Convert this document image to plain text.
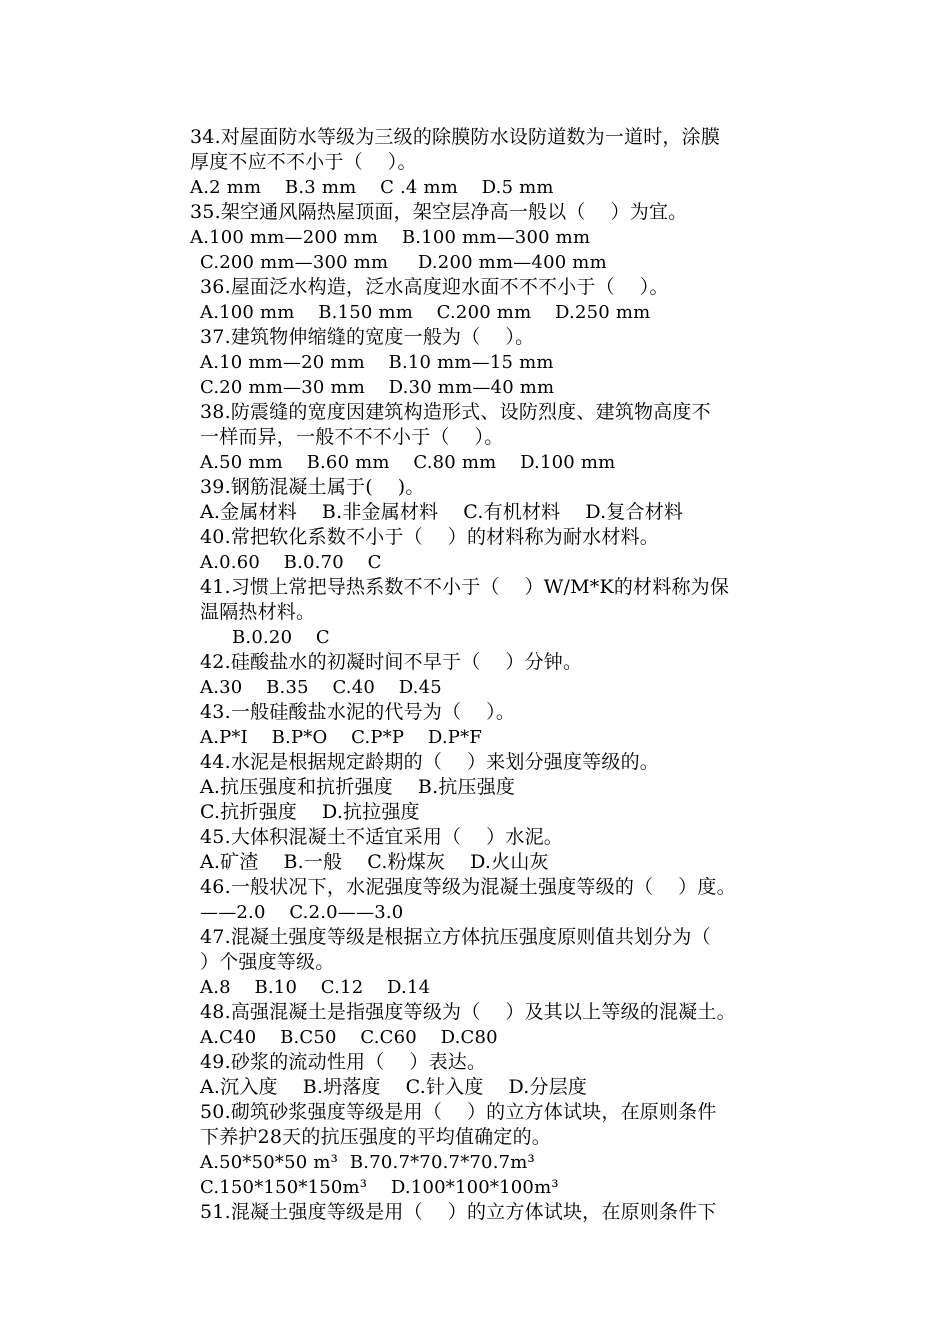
34.对屋面防水等级为三级的除膜防水设防道数为一道时，涂膜
厚度不应不不小于（    ）。
A.2 mm    B.3 mm    C .4 mm    D.5 mm
35.架空通风隔热屋顶面，架空层净高一般以（    ）为宜。
A.100 mm—200 mm    B.100 mm—300 mm
C.200 mm—300 mm     D.200 mm—400 mm
36.屋面泛水构造，泛水高度迎水面不不不小于（    ）。
A.100 mm    B.150 mm    C.200 mm    D.250 mm
37.建筑物伸缩缝的宽度一般为（    ）。
A.10 mm—20 mm    B.10 mm—15 mm
C.20 mm—30 mm    D.30 mm—40 mm
38.防震缝的宽度因建筑构造形式、设防烈度、建筑物高度不
一样而异，一般不不不小于（    ）。
A.50 mm    B.60 mm    C.80 mm    D.100 mm
39.钢筋混凝土属于(    )。
A.金属材料    B.非金属材料    C.有机材料    D.复合材料
40.常把软化系数不小于（    ）的材料称为耐水材料。
A.0.60    B.0.70    C
41.习惯上常把导热系数不不小于（    ）W/M*K的材料称为保
温隔热材料。
B.0.20    C
42.硅酸盐水的初凝时间不早于（    ）分钟。
A.30    B.35    C.40    D.45
43.一般硅酸盐水泥的代号为（    ）。
A.P*I    B.P*O    C.P*P    D.P*F
44.水泥是根据规定龄期的（    ）来划分强度等级的。
A.抗压强度和抗折强度    B.抗压强度
C.抗折强度    D.抗拉强度
45.大体积混凝土不适宜采用（    ）水泥。
A.矿渣    B.一般    C.粉煤灰    D.火山灰
46.一般状况下，水泥强度等级为混凝土强度等级的（    ）度。
——2.0    C.2.0——3.0
47.混凝土强度等级是根据立方体抗压强度原则值共划分为（
）个强度等级。
A.8    B.10    C.12    D.14
48.高强混凝土是指强度等级为（    ）及其以上等级的混凝土。
A.C40    B.C50    C.C60    D.C80
49.砂浆的流动性用（    ）表达。
A.沉入度    B.坍落度    C.针入度    D.分层度
50.砌筑砂浆强度等级是用（    ）的立方体试块，在原则条件
下养护28天的抗压强度的平均值确定的。
A.50*50*50 m³  B.70.7*70.7*70.7m³
C.150*150*150m³    D.100*100*100m³
51.混凝土强度等级是用（    ）的立方体试块，在原则条件下
